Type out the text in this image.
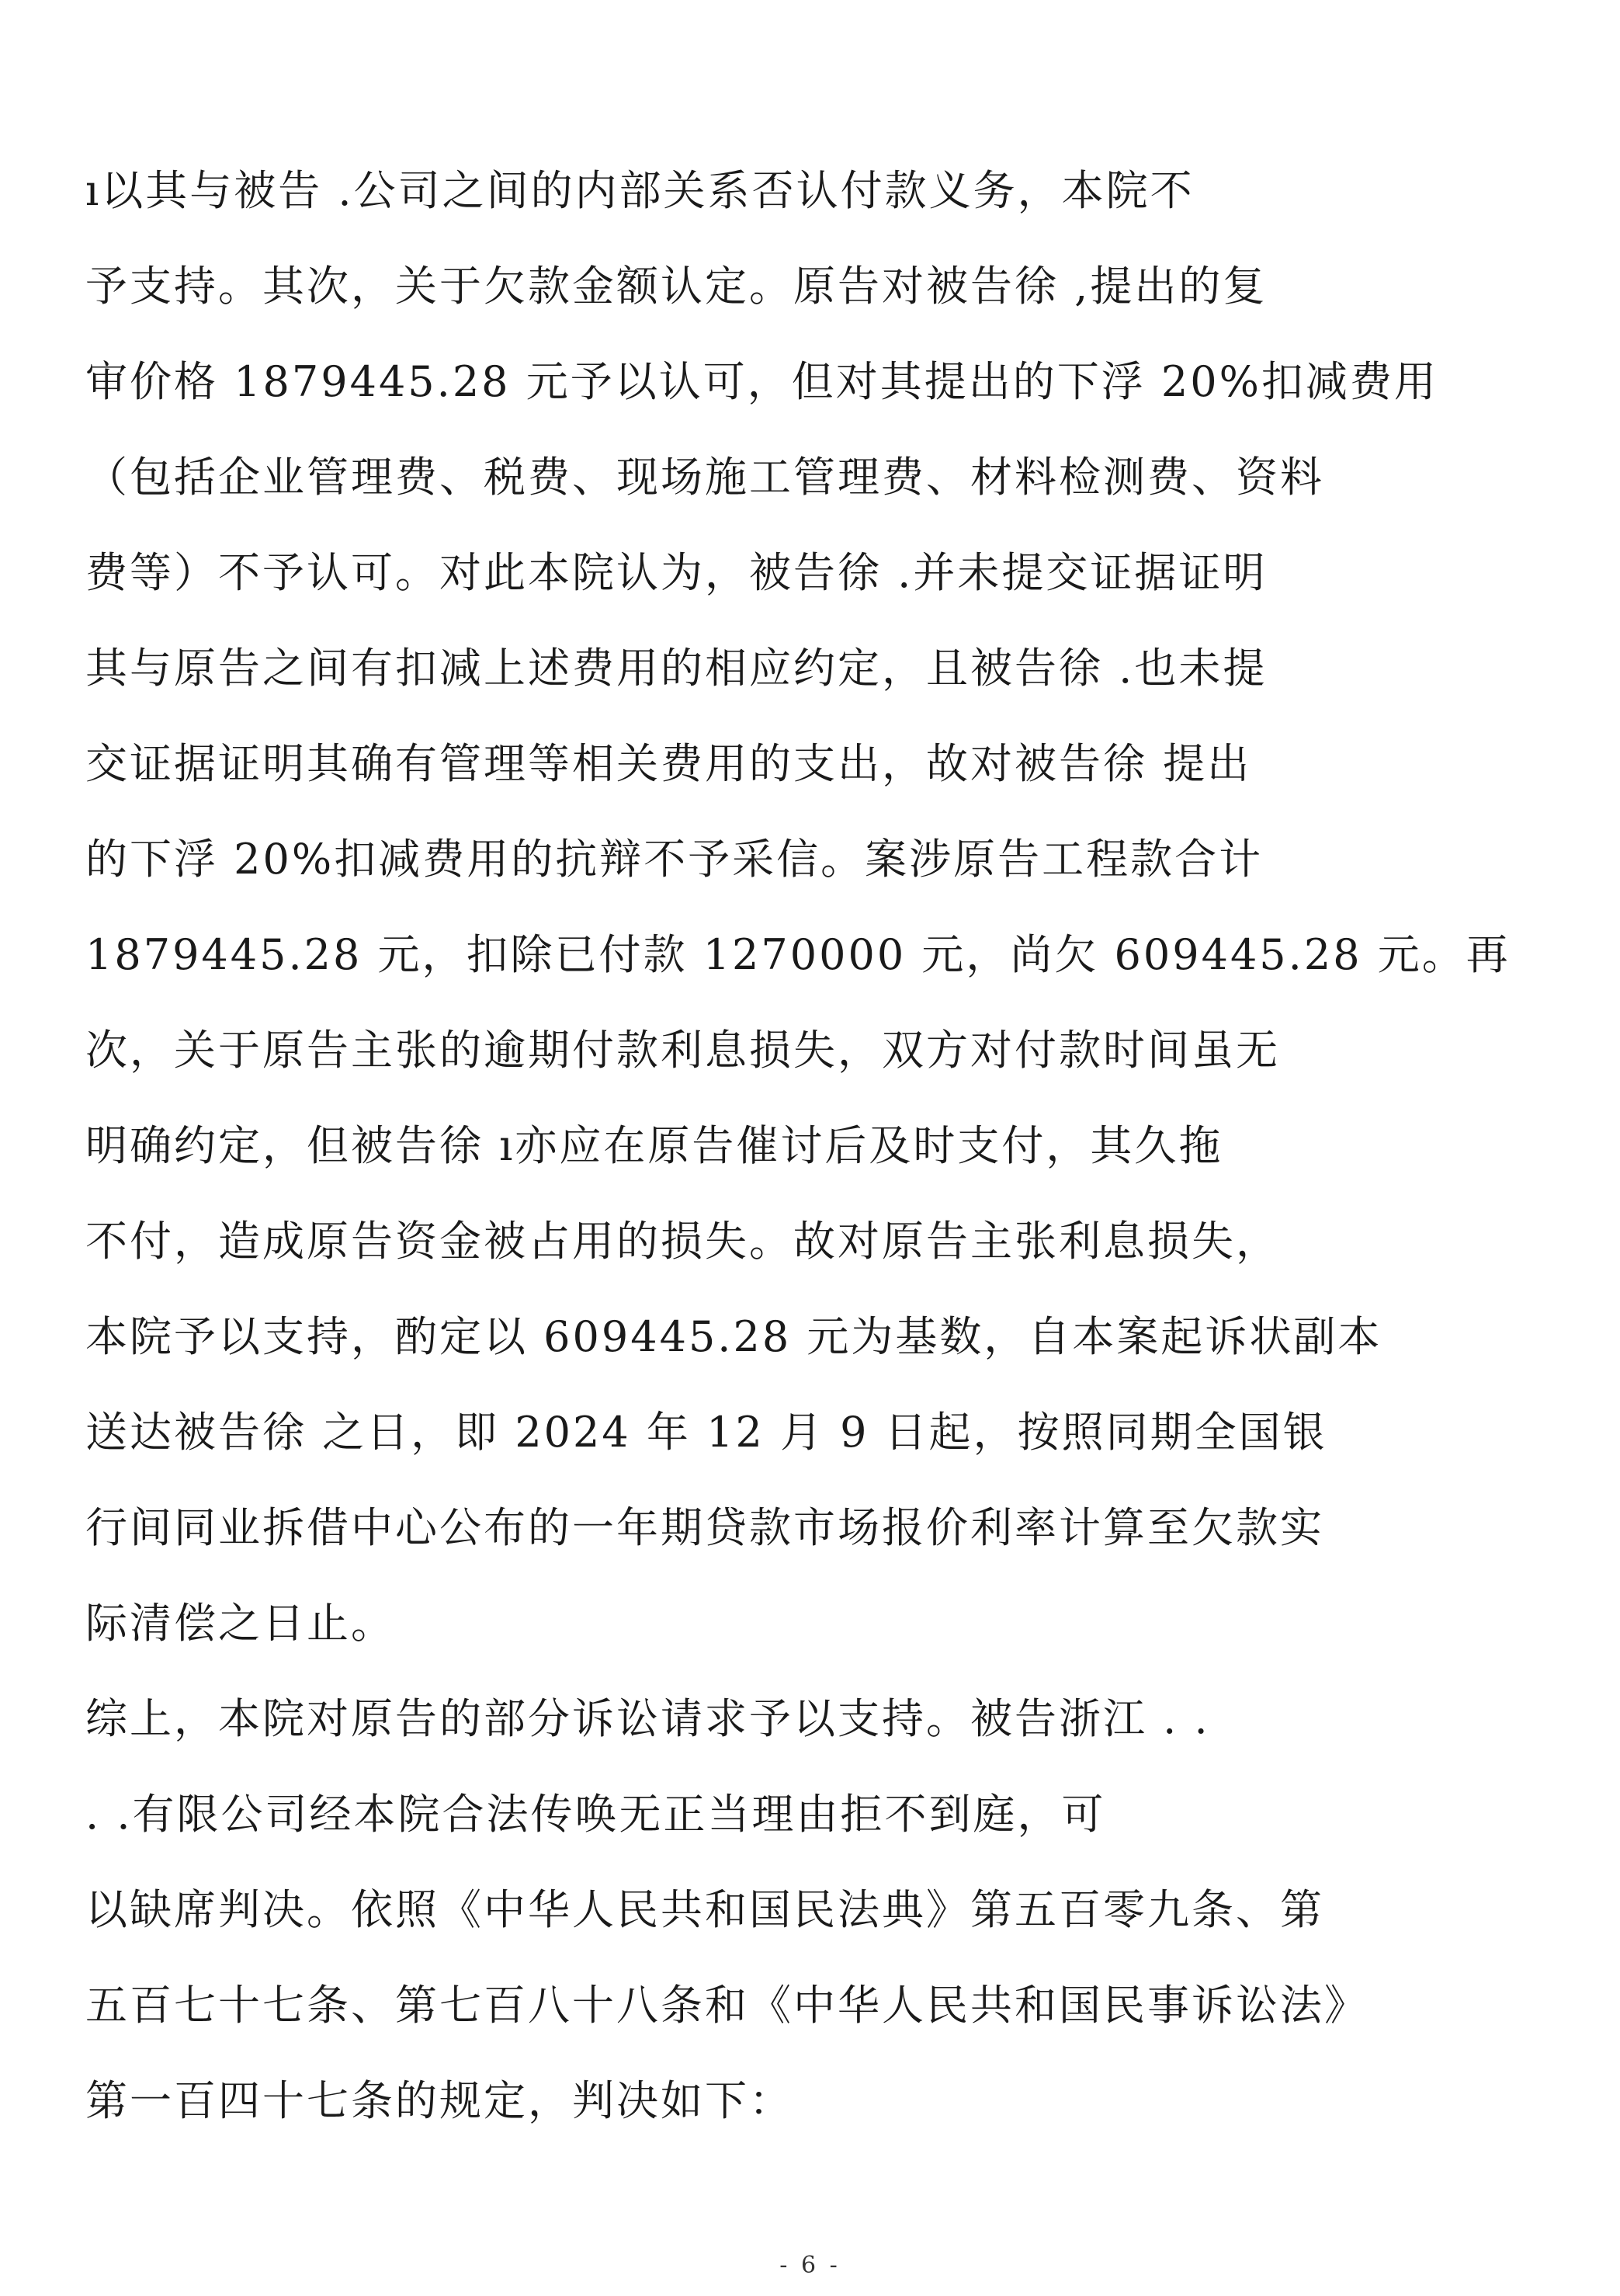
ı以其与被告 .公司之间的内部关系否认付款义务，本院不
予支持。其次，关于欠款金额认定。原告对被告徐 ,提出的复
审价格 1879445.28 元予以认可，但对其提出的下浮 20%扣减费用
（包括企业管理费、税费、现场施工管理费、材料检测费、资料
费等）不予认可。对此本院认为，被告徐 .并未提交证据证明
其与原告之间有扣减上述费用的相应约定，且被告徐 .也未提
交证据证明其确有管理等相关费用的支出，故对被告徐 提出
的下浮 20%扣减费用的抗辩不予采信。案涉原告工程款合计
1879445.28 元，扣除已付款 1270000 元，尚欠 609445.28 元。再
次，关于原告主张的逾期付款利息损失，双方对付款时间虽无
明确约定，但被告徐 ı亦应在原告催讨后及时支付，其久拖
不付，造成原告资金被占用的损失。故对原告主张利息损失，
本院予以支持，酌定以 609445.28 元为基数，自本案起诉状副本
送达被告徐 之日，即 2024 年 12 月 9 日起，按照同期全国银
行间同业拆借中心公布的一年期贷款市场报价利率计算至欠款实
际清偿之日止。
综上，本院对原告的部分诉讼请求予以支持。被告浙江 . .
. .有限公司经本院合法传唤无正当理由拒不到庭，可
以缺席判决。依照《中华人民共和国民法典》第五百零九条、第
五百七十七条、第七百八十八条和《中华人民共和国民事诉讼法》
第一百四十七条的规定，判决如下：
- 6 -
